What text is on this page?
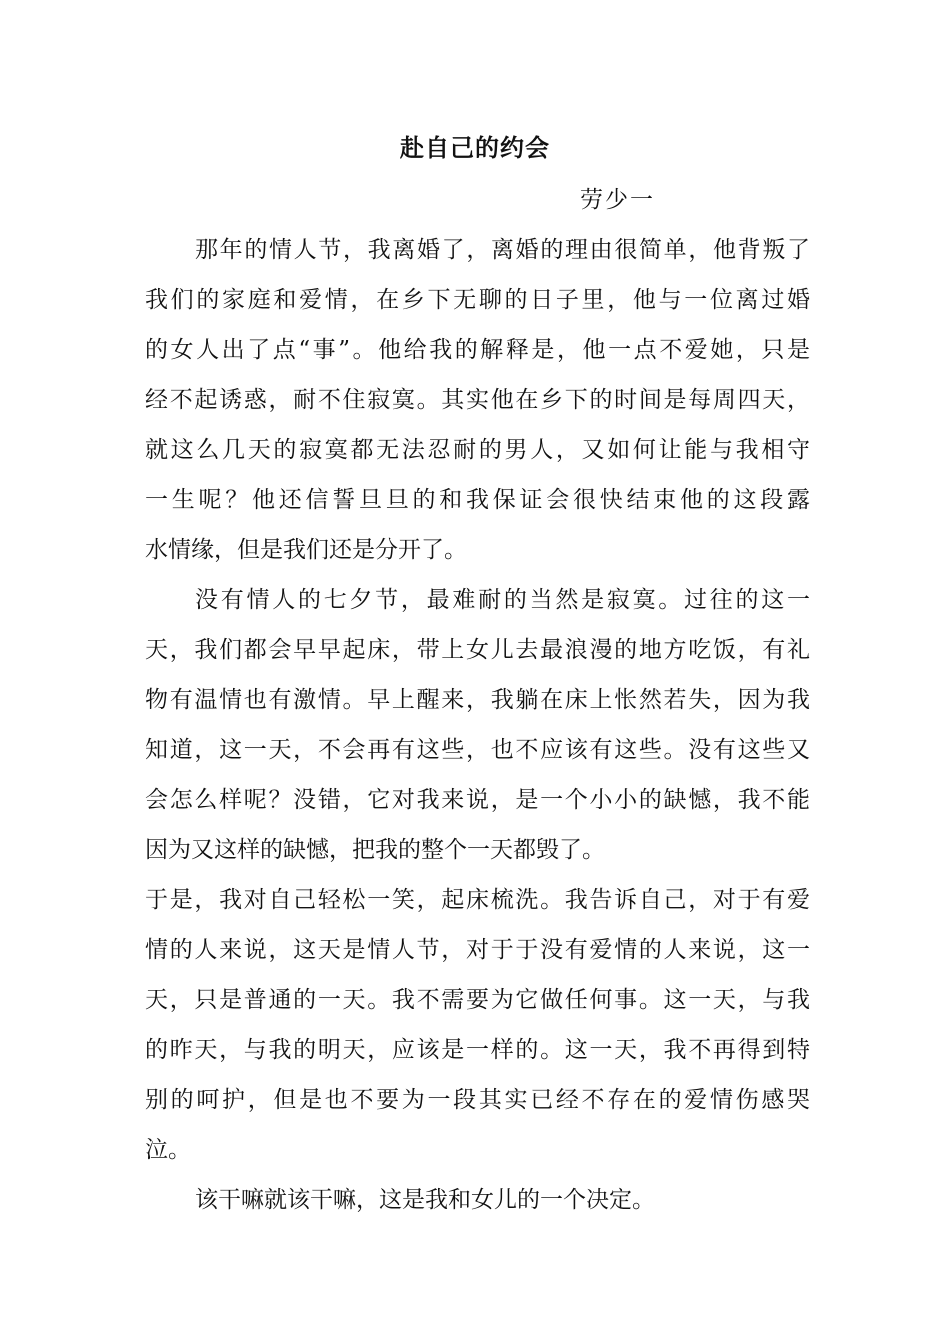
赴自己的约会
劳少一
那年的情人节，我离婚了，离婚的理由很简单，他背叛了
我们的家庭和爱情，在乡下无聊的日子里，他与一位离过婚
的女人出了点“事”。他给我的解释是，他一点不爱她，只是
经不起诱惑，耐不住寂寞。其实他在乡下的时间是每周四天，
就这么几天的寂寞都无法忍耐的男人，又如何让能与我相守
一生呢？他还信誓旦旦的和我保证会很快结束他的这段露
水情缘，但是我们还是分开了。
没有情人的七夕节，最难耐的当然是寂寞。过往的这一
天，我们都会早早起床，带上女儿去最浪漫的地方吃饭，有礼
物有温情也有激情。早上醒来，我躺在床上怅然若失，因为我
知道，这一天，不会再有这些，也不应该有这些。没有这些又
会怎么样呢？没错，它对我来说，是一个小小的缺憾，我不能
因为又这样的缺憾，把我的整个一天都毁了。
于是，我对自己轻松一笑，起床梳洗。我告诉自己，对于有爱
情的人来说，这天是情人节，对于于没有爱情的人来说，这一
天，只是普通的一天。我不需要为它做任何事。这一天，与我
的昨天，与我的明天，应该是一样的。这一天，我不再得到特
别的呵护，但是也不要为一段其实已经不存在的爱情伤感哭
泣。
该干嘛就该干嘛，这是我和女儿的一个决定。
